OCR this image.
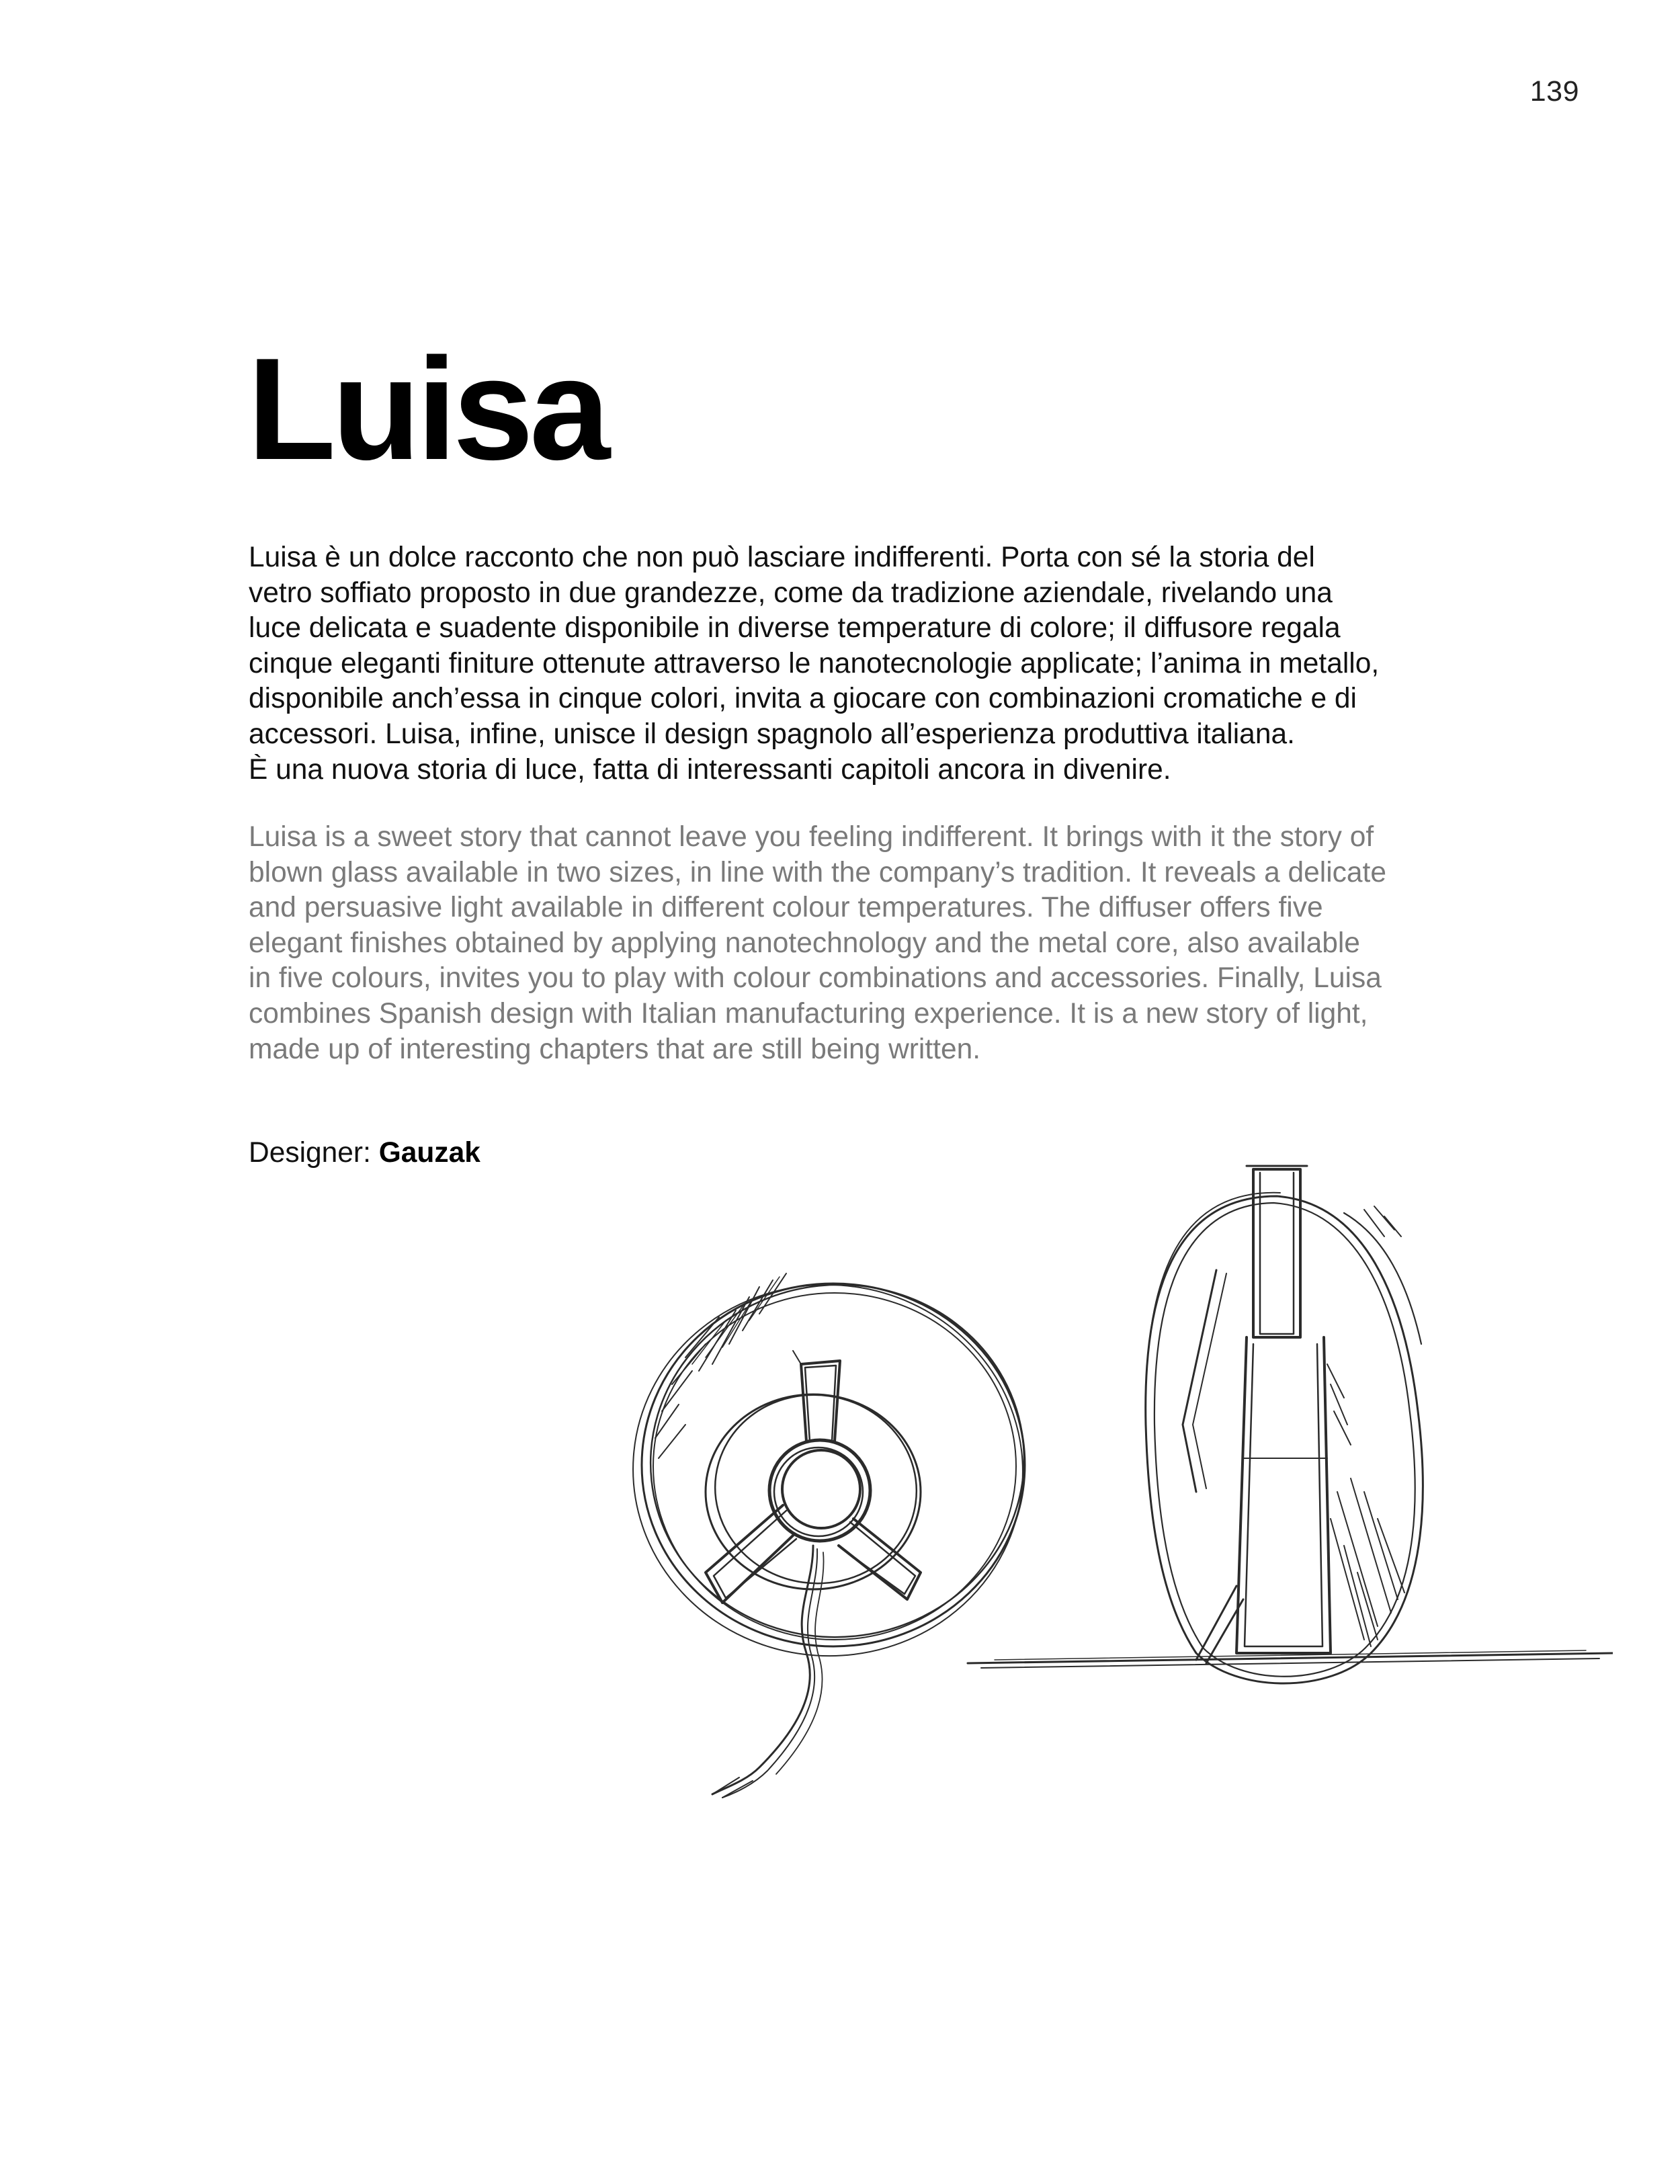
139
Luisa

Luisa è un dolce racconto che non può lasciare indifferenti. Porta con sé la storia del
vetro soffiato proposto in due grandezze, come da tradizione aziendale, rivelando una
luce delicata e suadente disponibile in diverse temperature di colore; il diffusore regala
cinque eleganti finiture ottenute attraverso le nanotecnologie applicate; l’anima in metallo,
disponibile anch’essa in cinque colori, invita a giocare con combinazioni cromatiche e di
accessori. Luisa, infine, unisce il design spagnolo all’esperienza produttiva italiana.
È una nuova storia di luce, fatta di interessanti capitoli ancora in divenire.

Luisa is a sweet story that cannot leave you feeling indifferent. It brings with it the story of
blown glass available in two sizes, in line with the company’s tradition. It reveals a delicate
and persuasive light available in different colour temperatures. The diffuser offers five
elegant finishes obtained by applying nanotechnology and the metal core, also available
in five colours, invites you to play with colour combinations and accessories. Finally, Luisa
combines Spanish design with Italian manufacturing experience. It is a new story of light,
made up of interesting chapters that are still being written.

Designer: Gauzak
